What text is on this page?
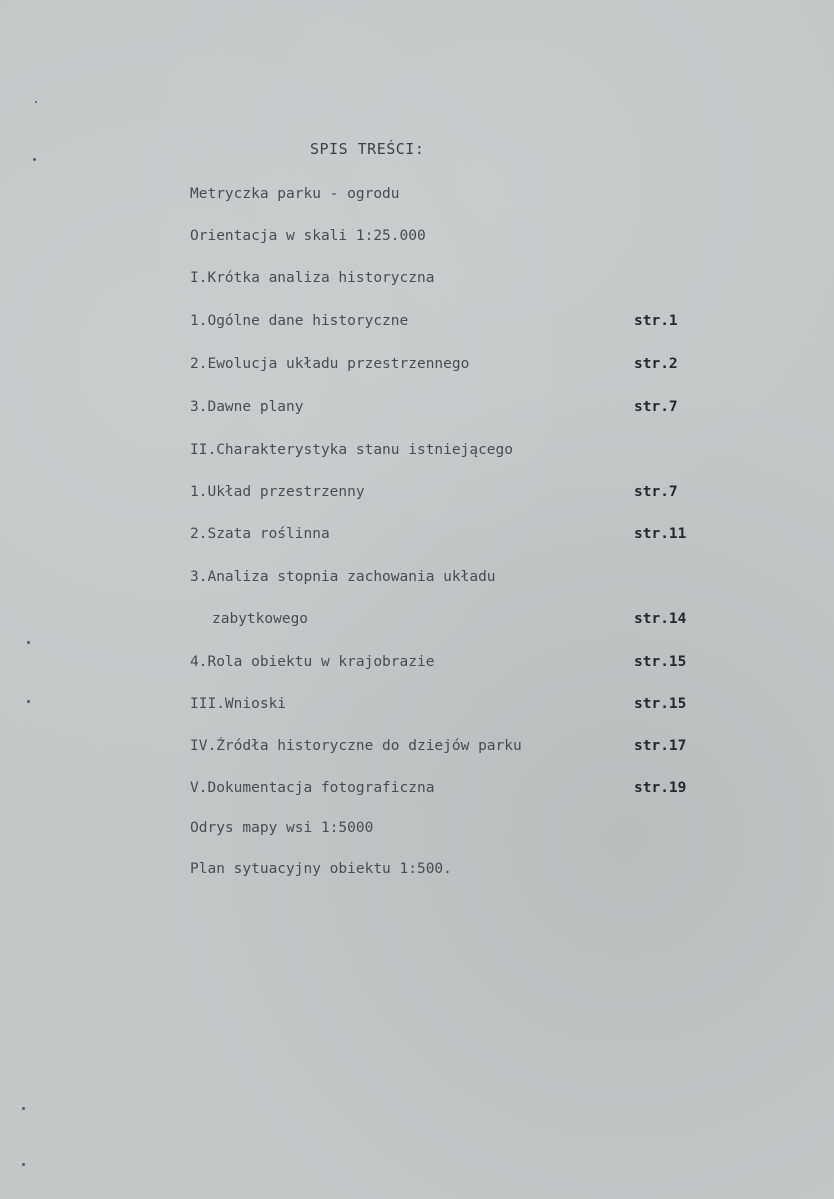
SPIS TREŚCI:
Metryczka parku - ogrodu
Orientacja w skali 1:25.000
I.Krótka analiza historyczna
1.Ogólne dane historyczne	str.1
2.Ewolucja układu przestrzennego	str.2
3.Dawne plany	str.7
II.Charakterystyka stanu istniejącego
1.Układ przestrzenny	str.7
2.Szata roślinna	str.11
3.Analiza stopnia zachowania układu
zabytkowego	str.14
4.Rola obiektu w krajobrazie	str.15
III.Wnioski	str.15
IV.Źródła historyczne do dziejów parku	str.17
V.Dokumentacja fotograficzna	str.19
Odrys mapy wsi 1:5000
Plan sytuacyjny obiektu 1:500.
